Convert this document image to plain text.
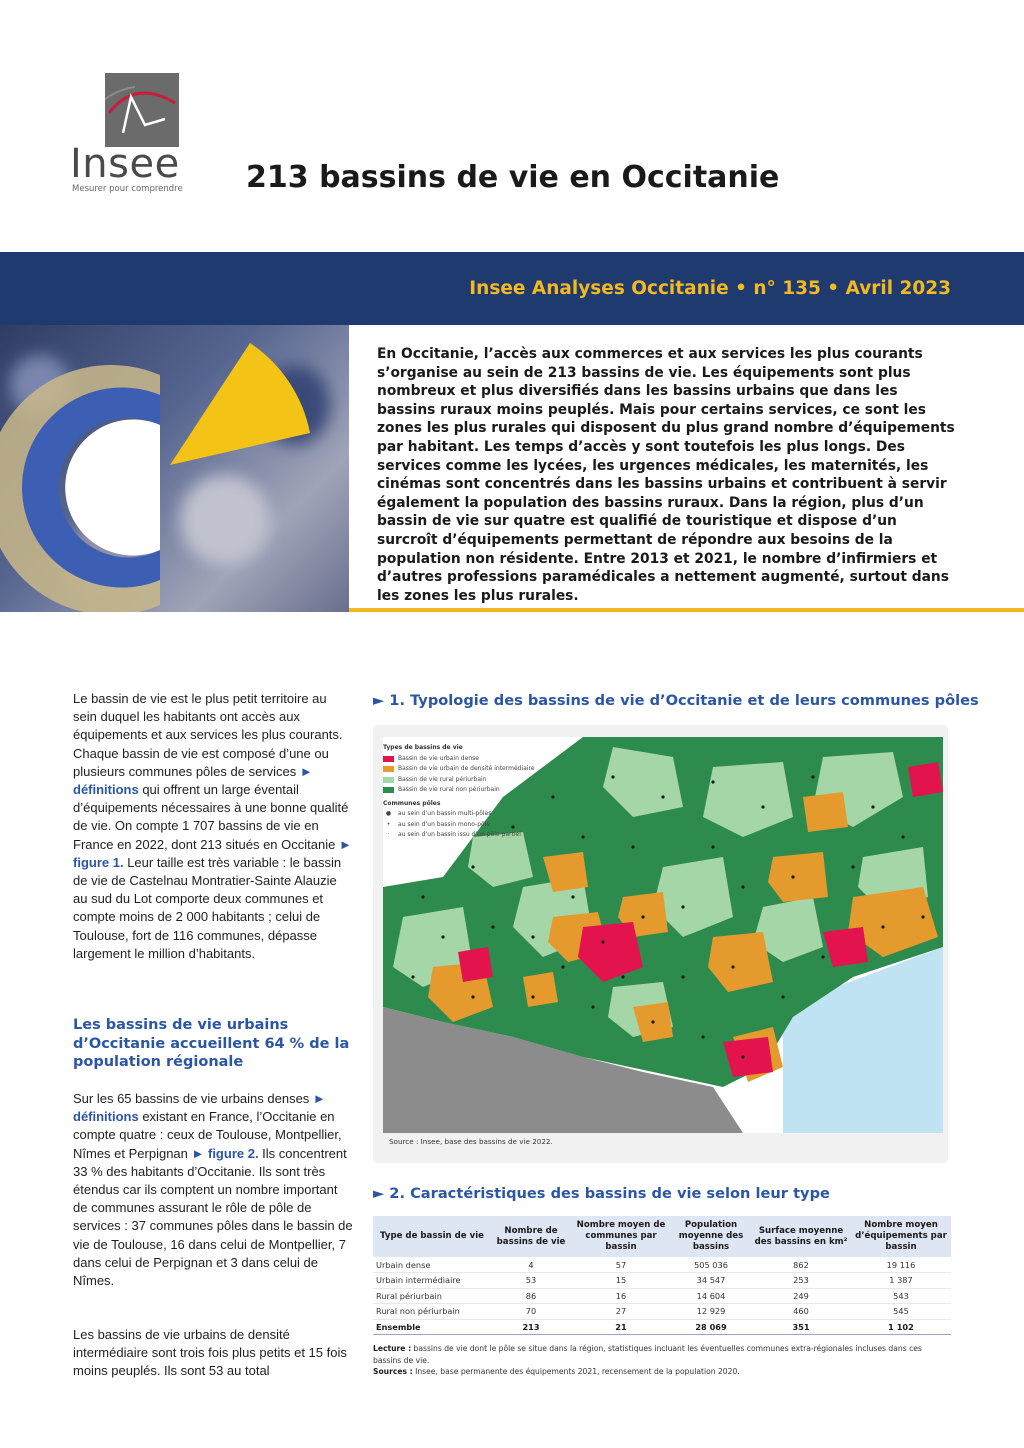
Insee
Mesurer pour comprendre 213 bassins de vie en Occitanie
Insee Analyses Occitanie • n° 135 • Avril 2023
En Occitanie, l’accès aux commerces et aux services les plus courants s’organise au sein de 213 bassins de vie. Les équipements sont plus nombreux et plus diversifiés dans les bassins urbains que dans les bassins ruraux moins peuplés. Mais pour certains services, ce sont les zones les plus rurales qui disposent du plus grand nombre d’équipements par habitant. Les temps d’accès y sont toutefois les plus longs. Des services comme les lycées, les urgences médicales, les maternités, les cinémas sont concentrés dans les bassins urbains et contribuent à servir également la population des bassins ruraux. Dans la région, plus d’un bassin de vie sur quatre est qualifié de touristique et dispose d’un surcroît d’équipements permettant de répondre aux besoins de la population non résidente. Entre 2013 et 2021, le nombre d’infirmiers et d’autres professions paramédicales a nettement augmenté, surtout dans les zones les plus rurales.
Le bassin de vie est le plus petit territoire au sein duquel les habitants ont accès aux équipements et aux services les plus courants. Chaque bassin de vie est composé d’une ou plusieurs communes pôles de services ► définitions qui offrent un large éventail d’équipements nécessaires à une bonne qualité de vie. On compte 1 707 bassins de vie en France en 2022, dont 213 situés en Occitanie ► figure 1. Leur taille est très variable : le bassin de vie de Castelnau Montratier-Sainte Alauzie au sud du Lot comporte deux communes et compte moins de 2 000 habitants ; celui de Toulouse, fort de 116 communes, dépasse largement le million d’habitants.
Les bassins de vie urbains d’Occitanie accueillent 64 % de la population régionale
Sur les 65 bassins de vie urbains denses ► définitions existant en France, l’Occitanie en compte quatre : ceux de Toulouse, Montpellier, Nîmes et Perpignan ► figure 2. Ils concentrent 33 % des habitants d’Occitanie. Ils sont très étendus car ils comptent un nombre important de communes assurant le rôle de pôle de services : 37 communes pôles dans le bassin de vie de Toulouse, 16 dans celui de Montpellier, 7 dans celui de Perpignan et 3 dans celui de Nîmes.
Les bassins de vie urbains de densité intermédiaire sont trois fois plus petits et 15 fois moins peuplés. Ils sont 53 au total
► 1. Typologie des bassins de vie d’Occitanie et de leurs communes pôles
Types de bassins de vie
Bassin de vie urbain dense
Bassin de vie urbain de densité intermédiaire
Bassin de vie rural périurbain
Bassin de vie rural non périurbain
Communes pôles
●	au sein d’un bassin multi-pôles
•	au sein d’un bassin mono-pôle
·	au sein d’un bassin issu d’un pôle partiel
Source : Insee, base des bassins de vie 2022.
► 2. Caractéristiques des bassins de vie selon leur type
Type de bassin de vie	Nombre de bassins de vie	Nombre moyen de communes par bassin	Population moyenne des bassins	Surface moyenne des bassins en km²	Nombre moyen d’équipements par bassin
Urbain dense	4	57	505 036	862	19 116
Urbain intermédiaire	53	15	34 547	253	1 387
Rural périurbain	86	16	14 604	249	543
Rural non périurbain	70	27	12 929	460	545
Ensemble	213	21	28 069	351	1 102
Lecture : bassins de vie dont le pôle se situe dans la région, statistiques incluant les éventuelles communes extra-régionales incluses dans ces bassins de vie.
Sources : Insee, base permanente des équipements 2021, recensement de la population 2020.
